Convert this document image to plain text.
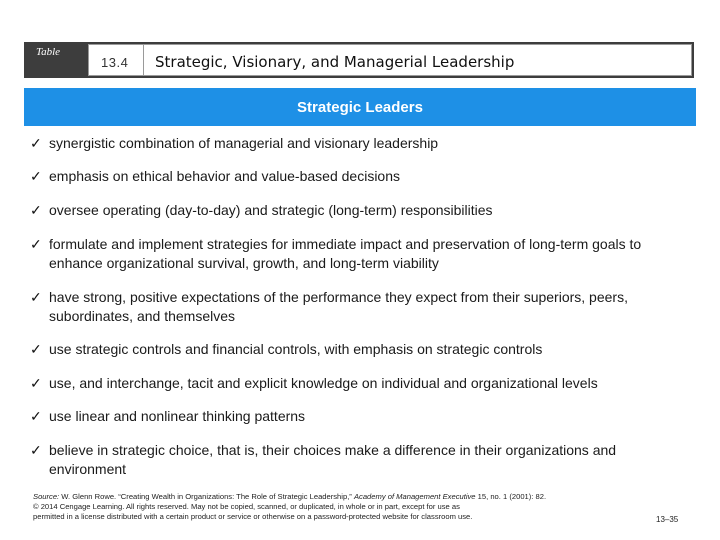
Table
13.4 Strategic, Visionary, and Managerial Leadership
Strategic Leaders
✓ synergistic combination of managerial and visionary leadership
✓ emphasis on ethical behavior and value-based decisions
✓ oversee operating (day-to-day) and strategic (long-term) responsibilities
✓ formulate and implement strategies for immediate impact and preservation of long-term goals to enhance organizational survival, growth, and long-term viability
✓ have strong, positive expectations of the performance they expect from their superiors, peers, subordinates, and themselves
✓ use strategic controls and financial controls, with emphasis on strategic controls
✓ use, and interchange, tacit and explicit knowledge on individual and organizational levels
✓ use linear and nonlinear thinking patterns
✓ believe in strategic choice, that is, their choices make a difference in their organizations and environment
Source: W. Glenn Rowe. “Creating Wealth in Organizations: The Role of Strategic Leadership,” Academy of Management Executive 15, no. 1 (2001): 82.
© 2014 Cengage Learning. All rights reserved. May not be copied, scanned, or duplicated, in whole or in part, except for use as
permitted in a license distributed with a certain product or service or otherwise on a password-protected website for classroom use.	13–35
